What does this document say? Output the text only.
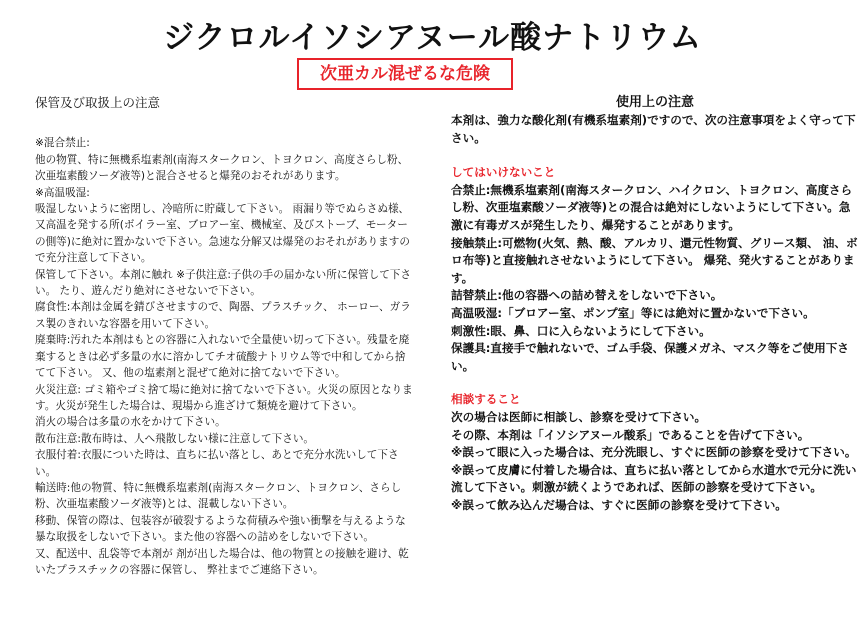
ジクロルイソシアヌール酸ナトリウム
次亜カル混ぜるな危険
保管及び取扱上の注意

※混合禁止:

他の物質、特に無機系塩素剤(南海スタークロン、トヨクロン、高度さらし粉、次亜塩素酸ソーダ液等)と混合させると爆発のおそれがあります。

※高温吸湿:

吸湿しないように密閉し、冷暗所に貯蔵して下さい。 雨漏り等でぬらさぬ様、又高温を発する所(ボイラー室、ブロアー室、機械室、及びストーブ、モーターの側等)に絶対に置かないで下さい。急速な分解又は爆発のおそれがありますので充分注意して下さい。

保管して下さい。本剤に触れ ※子供注意:子供の手の届かない所に保管して下さい。 たり、遊んだり絶対にさせないで下さい。

腐食性:本剤は金属を錆びさせますので、陶器、プラスチック、 ホーロー、ガラス製のきれいな容器を用いて下さい。

廃棄時:汚れた本剤はもとの容器に入れないで全量使い切って下さい。残量を廃棄するときは必ず多量の水に溶かしてチオ硫酸ナトリウム等で中和してから捨てて下さい。 又、他の塩素剤と混ぜて絶対に捨てないで下さい。

火災注意: ゴミ箱やゴミ捨て場に絶対に捨てないで下さい。火災の原因となります。火災が発生した場合は、現場から進ざけて類焼を避けて下さい。

消火の場合は多量の水をかけて下さい。

散布注意:散布時は、人へ飛散しない様に注意して下さい。

衣服付着:衣服についた時は、直ちに払い落とし、あとで充分水洗いして下さい。

輸送時:他の物質、特に無機系塩素剤(南海スタークロン、トヨクロン、さらし粉、次亜塩素酸ソーダ液等)とは、混載しない下さい。

移動、保管の際は、包装容が破裂するような荷積みや強い衝撃を与えるような暴な取扱をしないで下さい。また他の容器への詰めをしないで下さい。

又、配送中、乱袋等で本剤が 剤が出した場合は、他の物質との接触を避け、乾いたプラスチックの容器に保管し、 弊社までご連絡下さい。

使用上の注意

本剤は、強力な酸化剤(有機系塩素剤)ですので、次の注意事項をよく守って下さい。

してはいけないこと

合禁止:無機系塩素剤(南海スタークロン、ハイクロン、トヨクロン、高度さらし粉、次亜塩素酸ソーダ液等)との混合は絶対にしないようにして下さい。急激に有毒ガスが発生したり、爆発することがあります。

接触禁止:可燃物(火気、熱、酸、アルカリ、還元性物質、グリース類、 油、ボロ布等)と直接触れさせないようにして下さい。 爆発、発火することがあります。

詰替禁止:他の容器への詰め替えをしないで下さい。

高温吸湿:「ブロアー室、ポンプ室」等には絶対に置かないで下さい。

刺激性:眼、鼻、口に入らないようにして下さい。

保護具:直接手で触れないで、ゴム手袋、保護メガネ、マスク等をご使用下さい。

相談すること

次の場合は医師に相談し、診察を受けて下さい。

その際、本剤は「イソシアヌール酸系」であることを告げて下さい。

※誤って眼に入った場合は、充分洗眼し、すぐに医師の診察を受けて下さい。

※誤って皮膚に付着した場合は、直ちに払い落としてから水道水で元分に洗い流して下さい。刺激が続くようであれば、医師の診察を受けて下さい。

※誤って飲み込んだ場合は、すぐに医師の診察を受けて下さい。
